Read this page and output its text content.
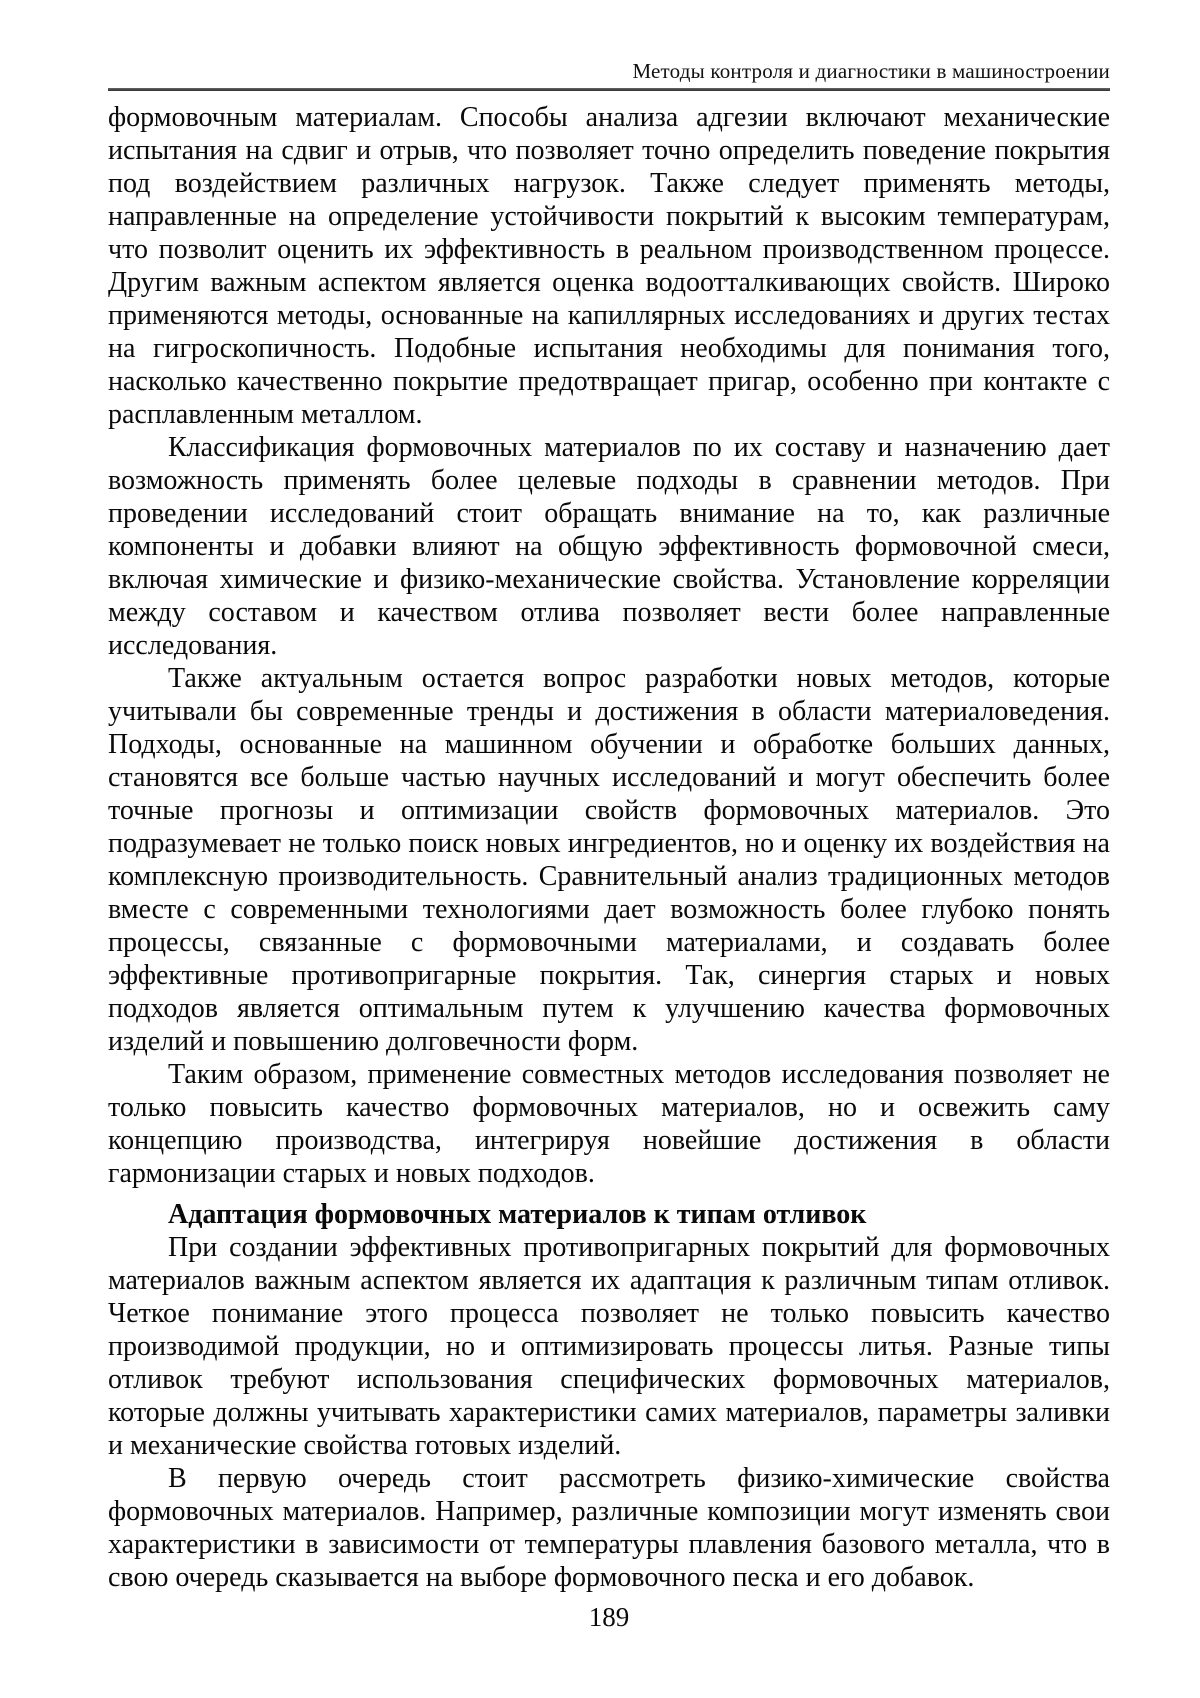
Методы контроля и диагностики в машиностроении

формовочным материалам. Способы анализа адгезии включают механические испытания на сдвиг и отрыв, что позволяет точно определить поведение покрытия под воздействием различных нагрузок. Также следует применять методы, направленные на определение устойчивости покрытий к высоким температурам, что позволит оценить их эффективность в реальном производственном процессе. Другим важным аспектом является оценка водоотталкивающих свойств. Широко применяются методы, основанные на капиллярных исследованиях и других тестах на гигроскопичность. Подобные испытания необходимы для понимания того, насколько качественно покрытие предотвращает пригар, особенно при контакте с расплавленным металлом.

Классификация формовочных материалов по их составу и назначению дает возможность применять более целевые подходы в сравнении методов. При проведении исследований стоит обращать внимание на то, как различные компоненты и добавки влияют на общую эффективность формовочной смеси, включая химические и физико-механические свойства. Установление корреляции между составом и качеством отлива позволяет вести более направленные исследования.

Также актуальным остается вопрос разработки новых методов, которые учитывали бы современные тренды и достижения в области материаловедения. Подходы, основанные на машинном обучении и обработке больших данных, становятся все больше частью научных исследований и могут обеспечить более точные прогнозы и оптимизации свойств формовочных материалов. Это подразумевает не только поиск новых ингредиентов, но и оценку их воздействия на комплексную производительность. Сравнительный анализ традиционных методов вместе с современными технологиями дает возможность более глубоко понять процессы, связанные с формовочными материалами, и создавать более эффективные противопригарные покрытия. Так, синергия старых и новых подходов является оптимальным путем к улучшению качества формовочных изделий и повышению долговечности форм.

Таким образом, применение совместных методов исследования позволяет не только повысить качество формовочных материалов, но и освежить саму концепцию производства, интегрируя новейшие достижения в области гармонизации старых и новых подходов.

Адаптация формовочных материалов к типам отливок

При создании эффективных противопригарных покрытий для формовочных материалов важным аспектом является их адаптация к различным типам отливок. Четкое понимание этого процесса позволяет не только повысить качество производимой продукции, но и оптимизировать процессы литья. Разные типы отливок требуют использования специфических формовочных материалов, которые должны учитывать характеристики самих материалов, параметры заливки и механические свойства готовых изделий.

В первую очередь стоит рассмотреть физико-химические свойства формовочных материалов. Например, различные композиции могут изменять свои характеристики в зависимости от температуры плавления базового металла, что в свою очередь сказывается на выборе формовочного песка и его добавок.

189
